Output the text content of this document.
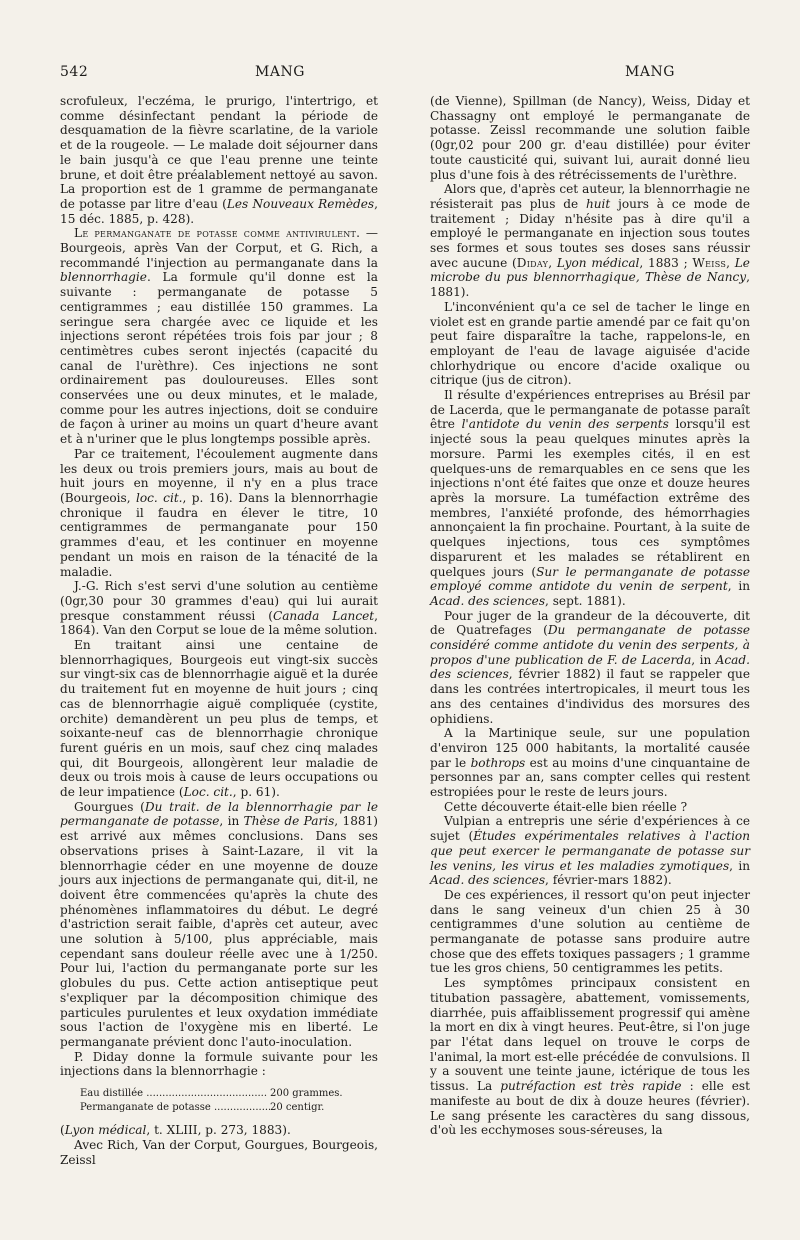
542	MANG	MANG

scrofuleux, l'eczéma, le prurigo, l'intertrigo, et comme désinfectant pendant la période de desquamation de la fièvre scarlatine, de la variole et de la rougeole. — Le malade doit séjourner dans le bain jusqu'à ce que l'eau prenne une teinte brune, et doit être préalablement nettoyé au savon. La proportion est de 1 gramme de permanganate de potasse par litre d'eau (Les Nouveaux Remèdes, 15 déc. 1885, p. 428).

Le permanganate de potasse comme antivirulent. — Bourgeois, après Van der Corput, et G. Rich, a recommandé l'injection au permanganate dans la blennorrhagie. La formule qu'il donne est la suivante : permanganate de potasse 5 centigrammes ; eau distillée 150 grammes. La seringue sera chargée avec ce liquide et les injections seront répétées trois fois par jour ; 8 centimètres cubes seront injectés (capacité du canal de l'urèthre). Ces injections ne sont ordinairement pas douloureuses. Elles sont conservées une ou deux minutes, et le malade, comme pour les autres injections, doit se conduire de façon à uriner au moins un quart d'heure avant et à n'uriner que le plus longtemps possible après.

Par ce traitement, l'écoulement augmente dans les deux ou trois premiers jours, mais au bout de huit jours en moyenne, il n'y en a plus trace (Bourgeois, loc. cit., p. 16). Dans la blennorrhagie chronique il faudra en élever le titre, 10 centigrammes de permanganate pour 150 grammes d'eau, et les continuer en moyenne pendant un mois en raison de la ténacité de la maladie.

J.-G. Rich s'est servi d'une solution au centième (0gr,30 pour 30 grammes d'eau) qui lui aurait presque constamment réussi (Canada Lancet, 1864). Van den Corput se loue de la même solution.

En traitant ainsi une centaine de blennorrhagiques, Bourgeois eut vingt-six succès sur vingt-six cas de blennorrhagie aiguë et la durée du traitement fut en moyenne de huit jours ; cinq cas de blennorrhagie aiguë compliquée (cystite, orchite) demandèrent un peu plus de temps, et soixante-neuf cas de blennorrhagie chronique furent guéris en un mois, sauf chez cinq malades qui, dit Bourgeois, allongèrent leur maladie de deux ou trois mois à cause de leurs occupations ou de leur impatience (Loc. cit., p. 61).

Gourgues (Du trait. de la blennorrhagie par le permanganate de potasse, in Thèse de Paris, 1881) est arrivé aux mêmes conclusions. Dans ses observations prises à Saint-Lazare, il vit la blennorrhagie céder en une moyenne de douze jours aux injections de permanganate qui, dit-il, ne doivent être commencées qu'après la chute des phénomènes inflammatoires du début. Le degré d'astriction serait faible, d'après cet auteur, avec une solution à 5/100, plus appréciable, mais cependant sans douleur réelle avec une à 1/250. Pour lui, l'action du permanganate porte sur les globules du pus. Cette action antiseptique peut s'expliquer par la décomposition chimique des particules purulentes et leux oxydation immédiate sous l'action de l'oxygène mis en liberté. Le permanganate prévient donc l'auto-inoculation.

P. Diday donne la formule suivante pour les injections dans la blennorrhagie :

Eau distillée .....	200 grammes.
Permanganate de potasse .....	20 centigr.

(Lyon médical, t. XLIII, p. 273, 1883).

Avec Rich, Van der Corput, Gourgues, Bourgeois, Zeissl

(de Vienne), Spillman (de Nancy), Weiss, Diday et Chassagny ont employé le permanganate de potasse. Zeissl recommande une solution faible (0gr,02 pour 200 gr. d'eau distillée) pour éviter toute causticité qui, suivant lui, aurait donné lieu plus d'une fois à des rétrécissements de l'urèthre.

Alors que, d'après cet auteur, la blennorrhagie ne résisterait pas plus de huit jours à ce mode de traitement ; Diday n'hésite pas à dire qu'il a employé le permanganate en injection sous toutes ses formes et sous toutes ses doses sans réussir avec aucune (Diday, Lyon médical, 1883 ; Weiss, Le microbe du pus blennorrhagique, Thèse de Nancy, 1881).

L'inconvénient qu'a ce sel de tacher le linge en violet est en grande partie amendé par ce fait qu'on peut faire disparaître la tache, rappelons-le, en employant de l'eau de lavage aiguisée d'acide chlorhydrique ou encore d'acide oxalique ou citrique (jus de citron).

Il résulte d'expériences entreprises au Brésil par de Lacerda, que le permanganate de potasse paraît être l'antidote du venin des serpents lorsqu'il est injecté sous la peau quelques minutes après la morsure. Parmi les exemples cités, il en est quelques-uns de remarquables en ce sens que les injections n'ont été faites que onze et douze heures après la morsure. La tuméfaction extrême des membres, l'anxiété profonde, des hémorrhagies annonçaient la fin prochaine. Pourtant, à la suite de quelques injections, tous ces symptômes disparurent et les malades se rétablirent en quelques jours (Sur le permanganate de potasse employé comme antidote du venin de serpent, in Acad. des sciences, sept. 1881).

Pour juger de la grandeur de la découverte, dit de Quatrefages (Du permanganate de potasse considéré comme antidote du venin des serpents, à propos d'une publication de F. de Lacerda, in Acad. des sciences, février 1882) il faut se rappeler que dans les contrées intertropicales, il meurt tous les ans des centaines d'individus des morsures des ophidiens.

A la Martinique seule, sur une population d'environ 125 000 habitants, la mortalité causée par le bothrops est au moins d'une cinquantaine de personnes par an, sans compter celles qui restent estropiées pour le reste de leurs jours.

Cette découverte était-elle bien réelle ?

Vulpian a entrepris une série d'expériences à ce sujet (Études expérimentales relatives à l'action que peut exercer le permanganate de potasse sur les venins, les virus et les maladies zymotiques, in Acad. des sciences, février-mars 1882).

De ces expériences, il ressort qu'on peut injecter dans le sang veineux d'un chien 25 à 30 centigrammes d'une solution au centième de permanganate de potasse sans produire autre chose que des effets toxiques passagers ; 1 gramme tue les gros chiens, 50 centigrammes les petits.

Les symptômes principaux consistent en titubation passagère, abattement, vomissements, diarrhée, puis affaiblissement progressif qui amène la mort en dix à vingt heures. Peut-être, si l'on juge par l'état dans lequel on trouve le corps de l'animal, la mort est-elle précédée de convulsions. Il y a souvent une teinte jaune, ictérique de tous les tissus. La putréfaction est très rapide : elle est manifeste au bout de dix à douze heures (février). Le sang présente les caractères du sang dissous, d'où les ecchymoses sous-séreuses, la
